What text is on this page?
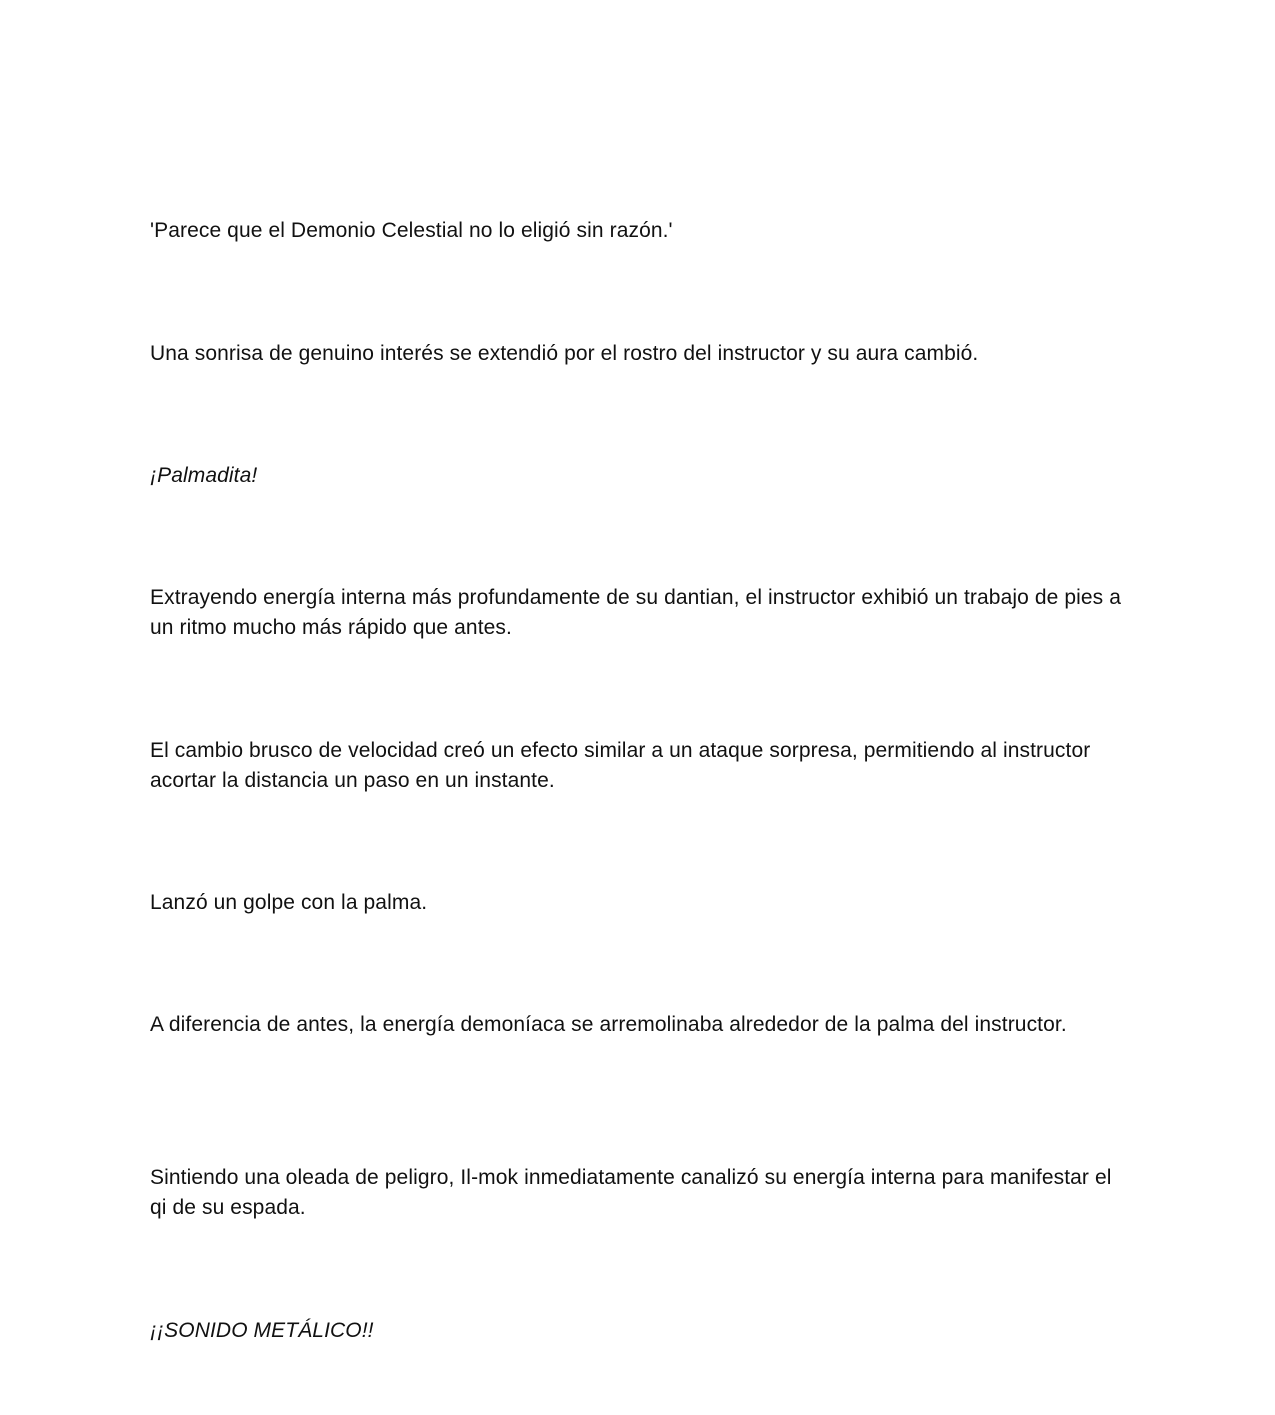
'Parece que el Demonio Celestial no lo eligió sin razón.'

Una sonrisa de genuino interés se extendió por el rostro del instructor y su aura cambió.

¡Palmadita!

Extrayendo energía interna más profundamente de su dantian, el instructor exhibió un trabajo de pies a un ritmo mucho más rápido que antes.

El cambio brusco de velocidad creó un efecto similar a un ataque sorpresa, permitiendo al instructor acortar la distancia un paso en un instante.

Lanzó un golpe con la palma.

A diferencia de antes, la energía demoníaca se arremolinaba alrededor de la palma del instructor.

Sintiendo una oleada de peligro, Il-mok inmediatamente canalizó su energía interna para manifestar el qi de su espada.

¡¡SONIDO METÁLICO!!
